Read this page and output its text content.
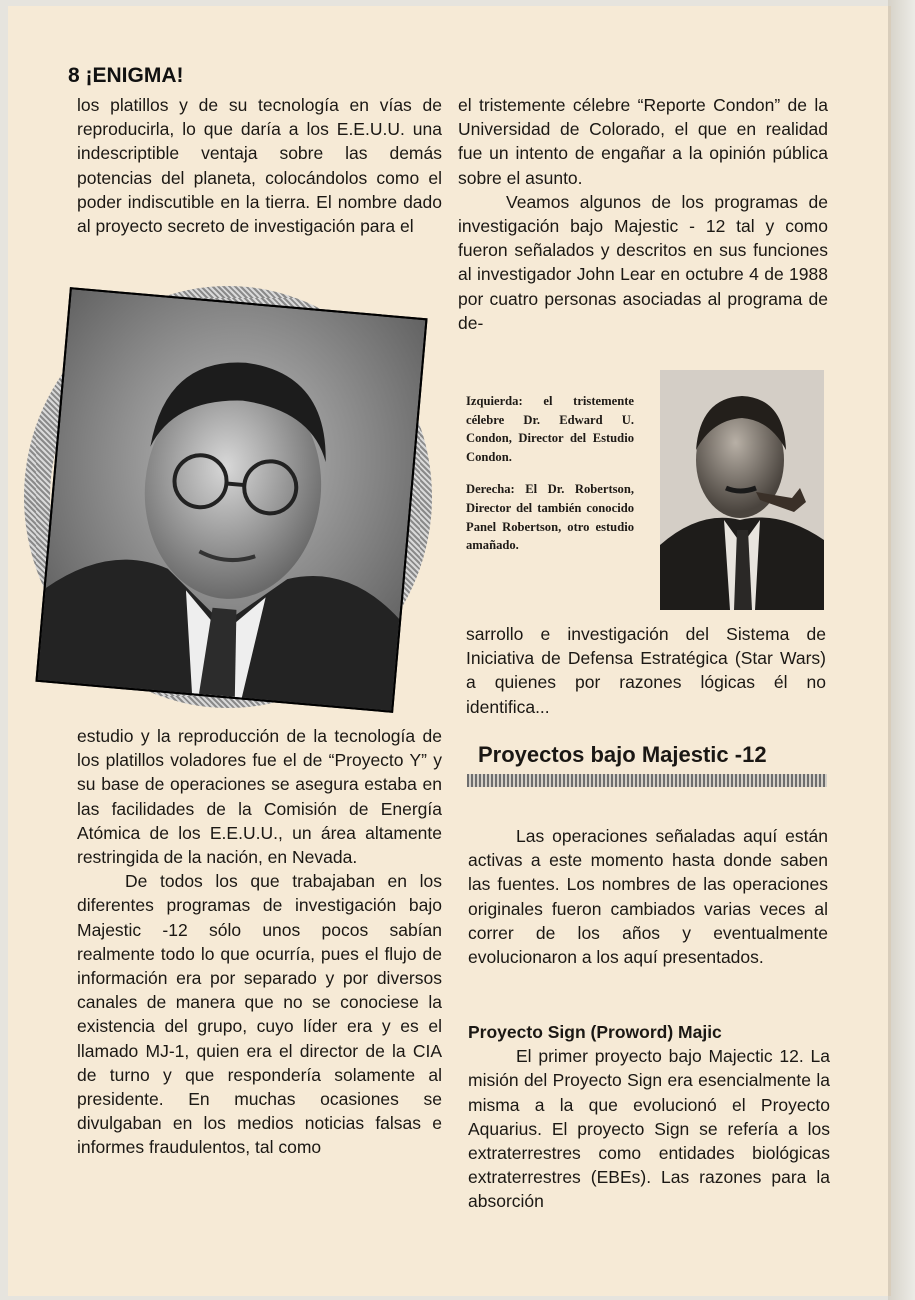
8 ¡ENIGMA!

los platillos y de su tecnología en vías de reproducirla, lo que daría a los E.E.U.U. una indescriptible ventaja sobre las demás potencias del planeta, colocándolos como el poder indiscutible en la tierra. El nombre dado al proyecto secreto de investigación para el

estudio y la reproducción de la tecnología de los platillos voladores fue el de “Proyecto Y” y su base de operaciones se asegura estaba en las facilidades de la Comisión de Energía Atómica de los E.E.U.U., un área altamente restringida de la nación, en Nevada.

De todos los que trabajaban en los diferentes programas de investigación bajo Majestic -12 sólo unos pocos sabían realmente todo lo que ocurría, pues el flujo de información era por separado y por diversos canales de manera que no se conociese la existencia del grupo, cuyo líder era y es el llamado MJ-1, quien era el director de la CIA de turno y que respondería solamente al presidente. En muchas ocasiones se divulgaban en los medios noticias falsas e informes fraudulentos, tal como

el tristemente célebre “Reporte Condon” de la Universidad de Colorado, el que en realidad fue un intento de engañar a la opinión pública sobre el asunto.

Veamos algunos de los programas de investigación bajo Majestic - 12 tal y como fueron señalados y descritos en sus funciones al investigador John Lear en octubre 4 de 1988 por cuatro personas asociadas al programa de de-

Izquierda: el tristemente célebre Dr. Edward U. Condon, Director del Estudio Condon.

Derecha: El Dr. Robertson, Director del también conocido Panel Robertson, otro estudio amañado.

sarrollo e investigación del Sistema de Iniciativa de Defensa Estratégica (Star Wars) a quienes por razones lógicas él no identifica...

Proyectos bajo Majestic -12

Las operaciones señaladas aquí están activas a este momento hasta donde saben las fuentes. Los nombres de las operaciones originales fueron cambiados varias veces al correr de los años y eventualmente evolucionaron a los aquí presentados.

Proyecto Sign (Proword) Majic

El primer proyecto bajo Majectic 12. La misión del Proyecto Sign era esencialmente la misma a la que evolucionó el Proyecto Aquarius. El proyecto Sign se refería a los extraterrestres como entidades biológicas extraterrestres (EBEs). Las razones para la absorción
